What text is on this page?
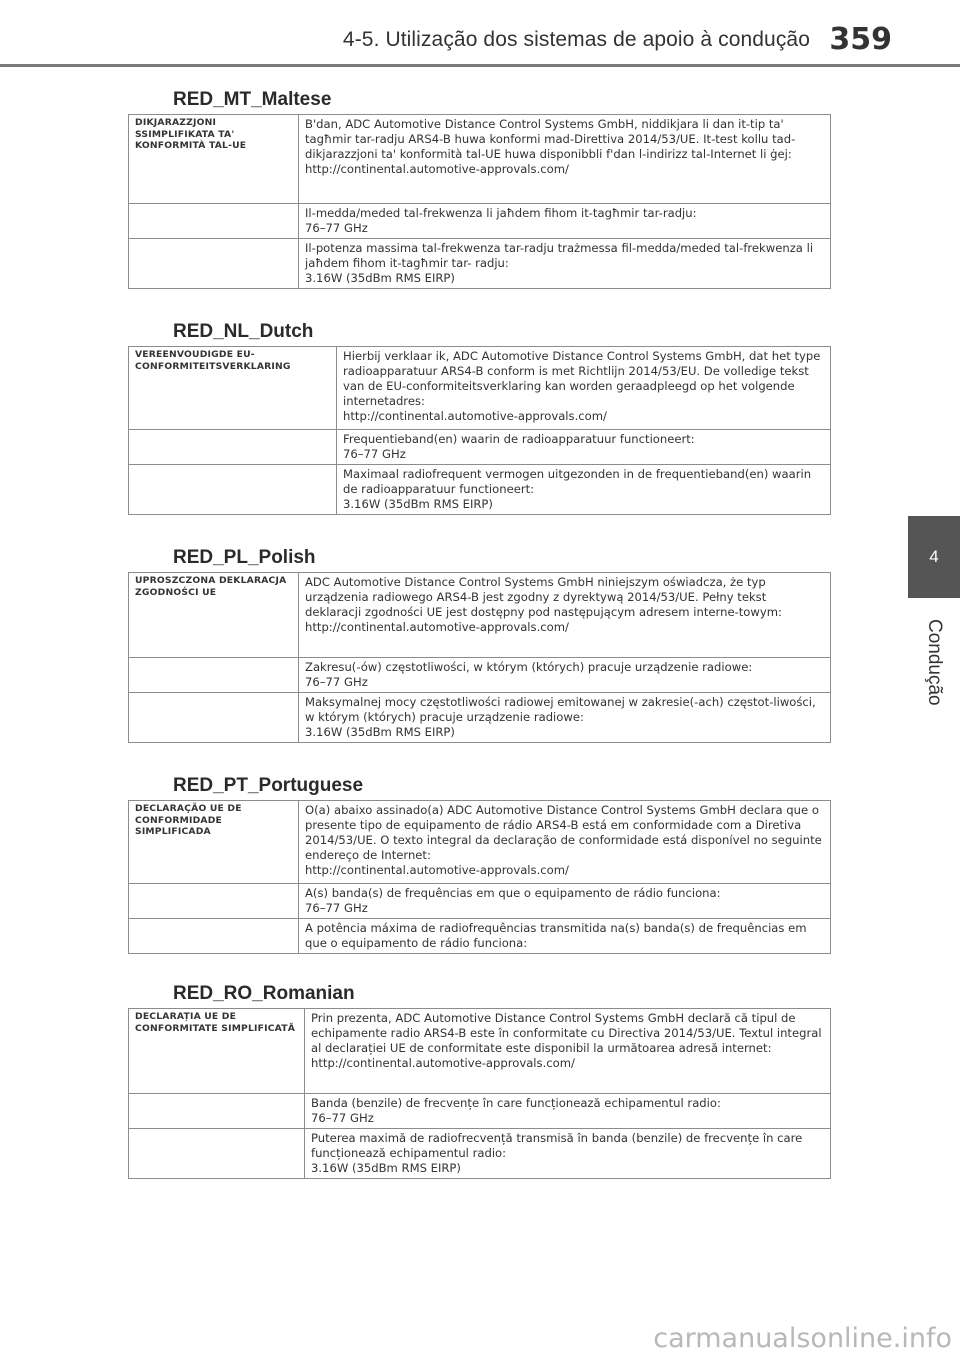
4-5. Utilização dos sistemas de apoio à condução 359
4
Condução
RED_MT_Maltese
DIKJARAZZJONI SSIMPLIFIKATA TA' KONFORMITÀ TAL-UE	B'dan, ADC Automotive Distance Control Systems GmbH, niddikjara li dan it-tip ta' tagħmir tar-radju ARS4-B huwa konformi mad-Direttiva 2014/53/UE. It-test kollu tad-dikjarazzjoni ta' konformità tal-UE huwa disponibbli f'dan l-indirizz tal-Internet li ġej:
http://continental.automotive-approvals.com/

	Il-medda/meded tal-frekwenza li jaħdem fihom it-tagħmir tar-radju:
76–77 GHz

	Il-potenza massima tal-frekwenza tar-radju trażmessa fil-medda/meded tal-frekwenza li jaħdem fihom it-tagħmir tar- radju:
3.16W (35dBm RMS EIRP)
RED_NL_Dutch
VEREENVOUDIGDE EU-CONFORMITEITSVERKLARING	Hierbij verklaar ik, ADC Automotive Distance Control Systems GmbH, dat het type radioapparatuur ARS4-B conform is met Richtlijn 2014/53/EU. De volledige tekst van de EU-conformiteitsverklaring kan worden geraadpleegd op het volgende internetadres:
http://continental.automotive-approvals.com/

	Frequentieband(en) waarin de radioapparatuur functioneert:
76–77 GHz

	Maximaal radiofrequent vermogen uitgezonden in de frequentieband(en) waarin de radioapparatuur functioneert:
3.16W (35dBm RMS EIRP)
RED_PL_Polish
UPROSZCZONA DEKLARACJA ZGODNOŚCI UE	ADC Automotive Distance Control Systems GmbH niniejszym oświadcza, że typ urządzenia radiowego ARS4-B jest zgodny z dyrektywą 2014/53/UE. Pełny tekst deklaracji zgodności UE jest dostępny pod następującym adresem interne-towym:
http://continental.automotive-approvals.com/

	Zakresu(-ów) częstotliwości, w którym (których) pracuje urządzenie radiowe:
76–77 GHz

	Maksymalnej mocy częstotliwości radiowej emitowanej w zakresie(-ach) częstot-liwości, w którym (których) pracuje urządzenie radiowe:
3.16W (35dBm RMS EIRP)
RED_PT_Portuguese
DECLARAÇÃO UE DE CONFORMIDADE SIMPLIFICADA	O(a) abaixo assinado(a) ADC Automotive Distance Control Systems GmbH declara que o presente tipo de equipamento de rádio ARS4-B está em conformidade com a Diretiva 2014/53/UE. O texto integral da declaração de conformidade está disponível no seguinte endereço de Internet:
http://continental.automotive-approvals.com/

	A(s) banda(s) de frequências em que o equipamento de rádio funciona:
76–77 GHz

	A potência máxima de radiofrequências transmitida na(s) banda(s) de frequências em que o equipamento de rádio funciona:
RED_RO_Romanian
DECLARAȚIA UE DE CONFORMITATE SIMPLIFICATĂ	Prin prezenta, ADC Automotive Distance Control Systems GmbH declară că tipul de echipamente radio ARS4-B este în conformitate cu Directiva 2014/53/UE. Textul integral al declarației UE de conformitate este disponibil la următoarea adresă internet:
http://continental.automotive-approvals.com/

	Banda (benzile) de frecvențe în care funcționează echipamentul radio:
76–77 GHz

	Puterea maximă de radiofrecvență transmisă în banda (benzile) de frecvențe în care funcționează echipamentul radio:
3.16W (35dBm RMS EIRP)
carmanualsonline.info
